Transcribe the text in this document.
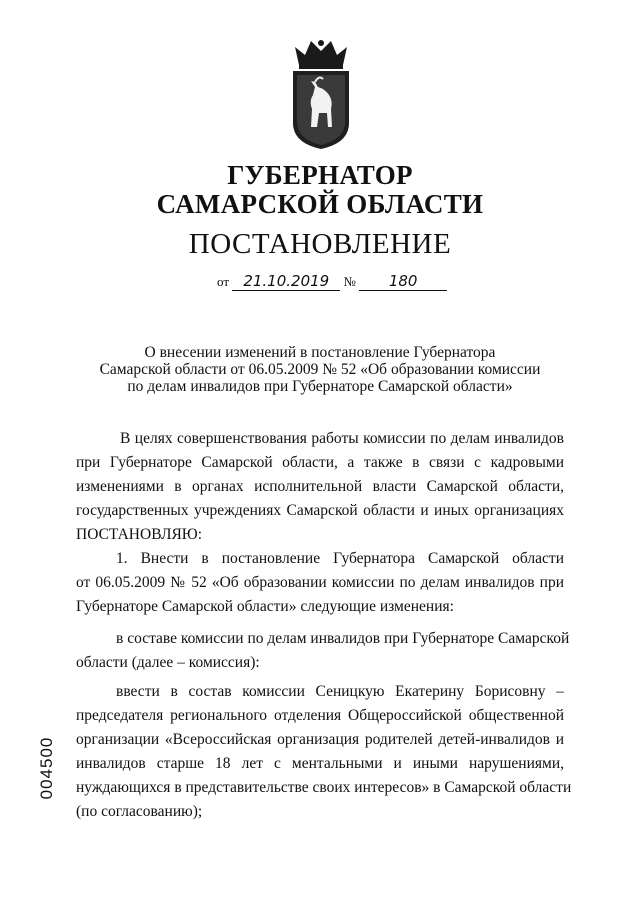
ГУБЕРНАТОР
САМАРСКОЙ ОБЛАСТИ
ПОСТАНОВЛЕНИЕ
от 21.10.2019 № 180
О внесении изменений в постановление Губернатора
Самарской области от 06.05.2009 № 52 «Об образовании комиссии
по делам инвалидов при Губернаторе Самарской области»
В целях совершенствования работы комиссии по делам инвалидов
при Губернаторе Самарской области, а также в связи с кадровыми
изменениями в органах исполнительной власти Самарской области,
государственных учреждениях Самарской области и иных организациях
ПОСТАНОВЛЯЮ:
1. Внести в постановление Губернатора Самарской области
от 06.05.2009 № 52 «Об образовании комиссии по делам инвалидов при
Губернаторе Самарской области» следующие изменения:
в составе комиссии по делам инвалидов при Губернаторе Самарской
области (далее – комиссия):
ввести в состав комиссии Сеницкую Екатерину Борисовну –
председателя регионального отделения Общероссийской общественной
организации «Всероссийская организация родителей детей-инвалидов и
инвалидов старше 18 лет с ментальными и иными нарушениями,
нуждающихся в представительстве своих интересов» в Самарской области
(по согласованию);
004500
